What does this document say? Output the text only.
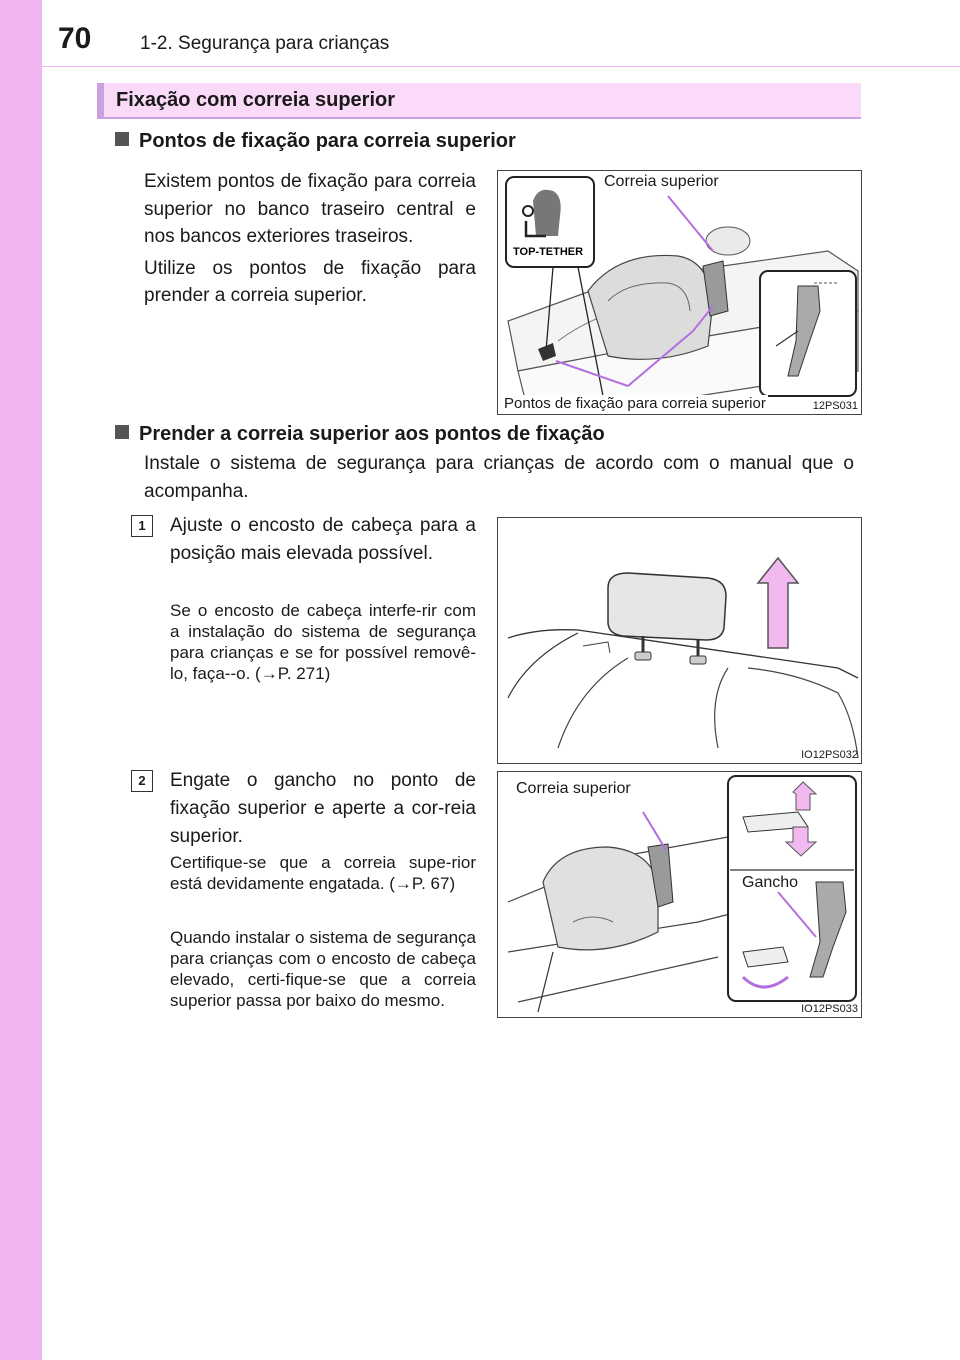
70	1-2. Segurança para crianças
Fixação com correia superior
Pontos de fixação para correia superior

Existem pontos de fixação para correia superior no banco traseiro central e nos bancos exteriores traseiros.

Utilize os pontos de fixação para prender a correia superior.

TOP-TETHER
Correia superior
Pontos de fixação para correia superior	12PS031
Prender a correia superior aos pontos de fixação
Instale o sistema de segurança para crianças de acordo com o manual que o acompanha.
1	Ajuste o encosto de cabeça para a posição mais elevada possível.
Se o encosto de cabeça interfe-rir com a instalação do sistema de segurança para crianças e se for possível removê-lo, faça--o. (→P. 271)
IO12PS032
2	Engate o gancho no ponto de fixação superior e aperte a cor-reia superior.
Certifique-se que a correia supe-rior está devidamente engatada. (→P. 67)
Quando instalar o sistema de segurança para crianças com o encosto de cabeça elevado, certi-fique-se que a correia superior passa por baixo do mesmo.
Correia superior
Gancho
IO12PS033
